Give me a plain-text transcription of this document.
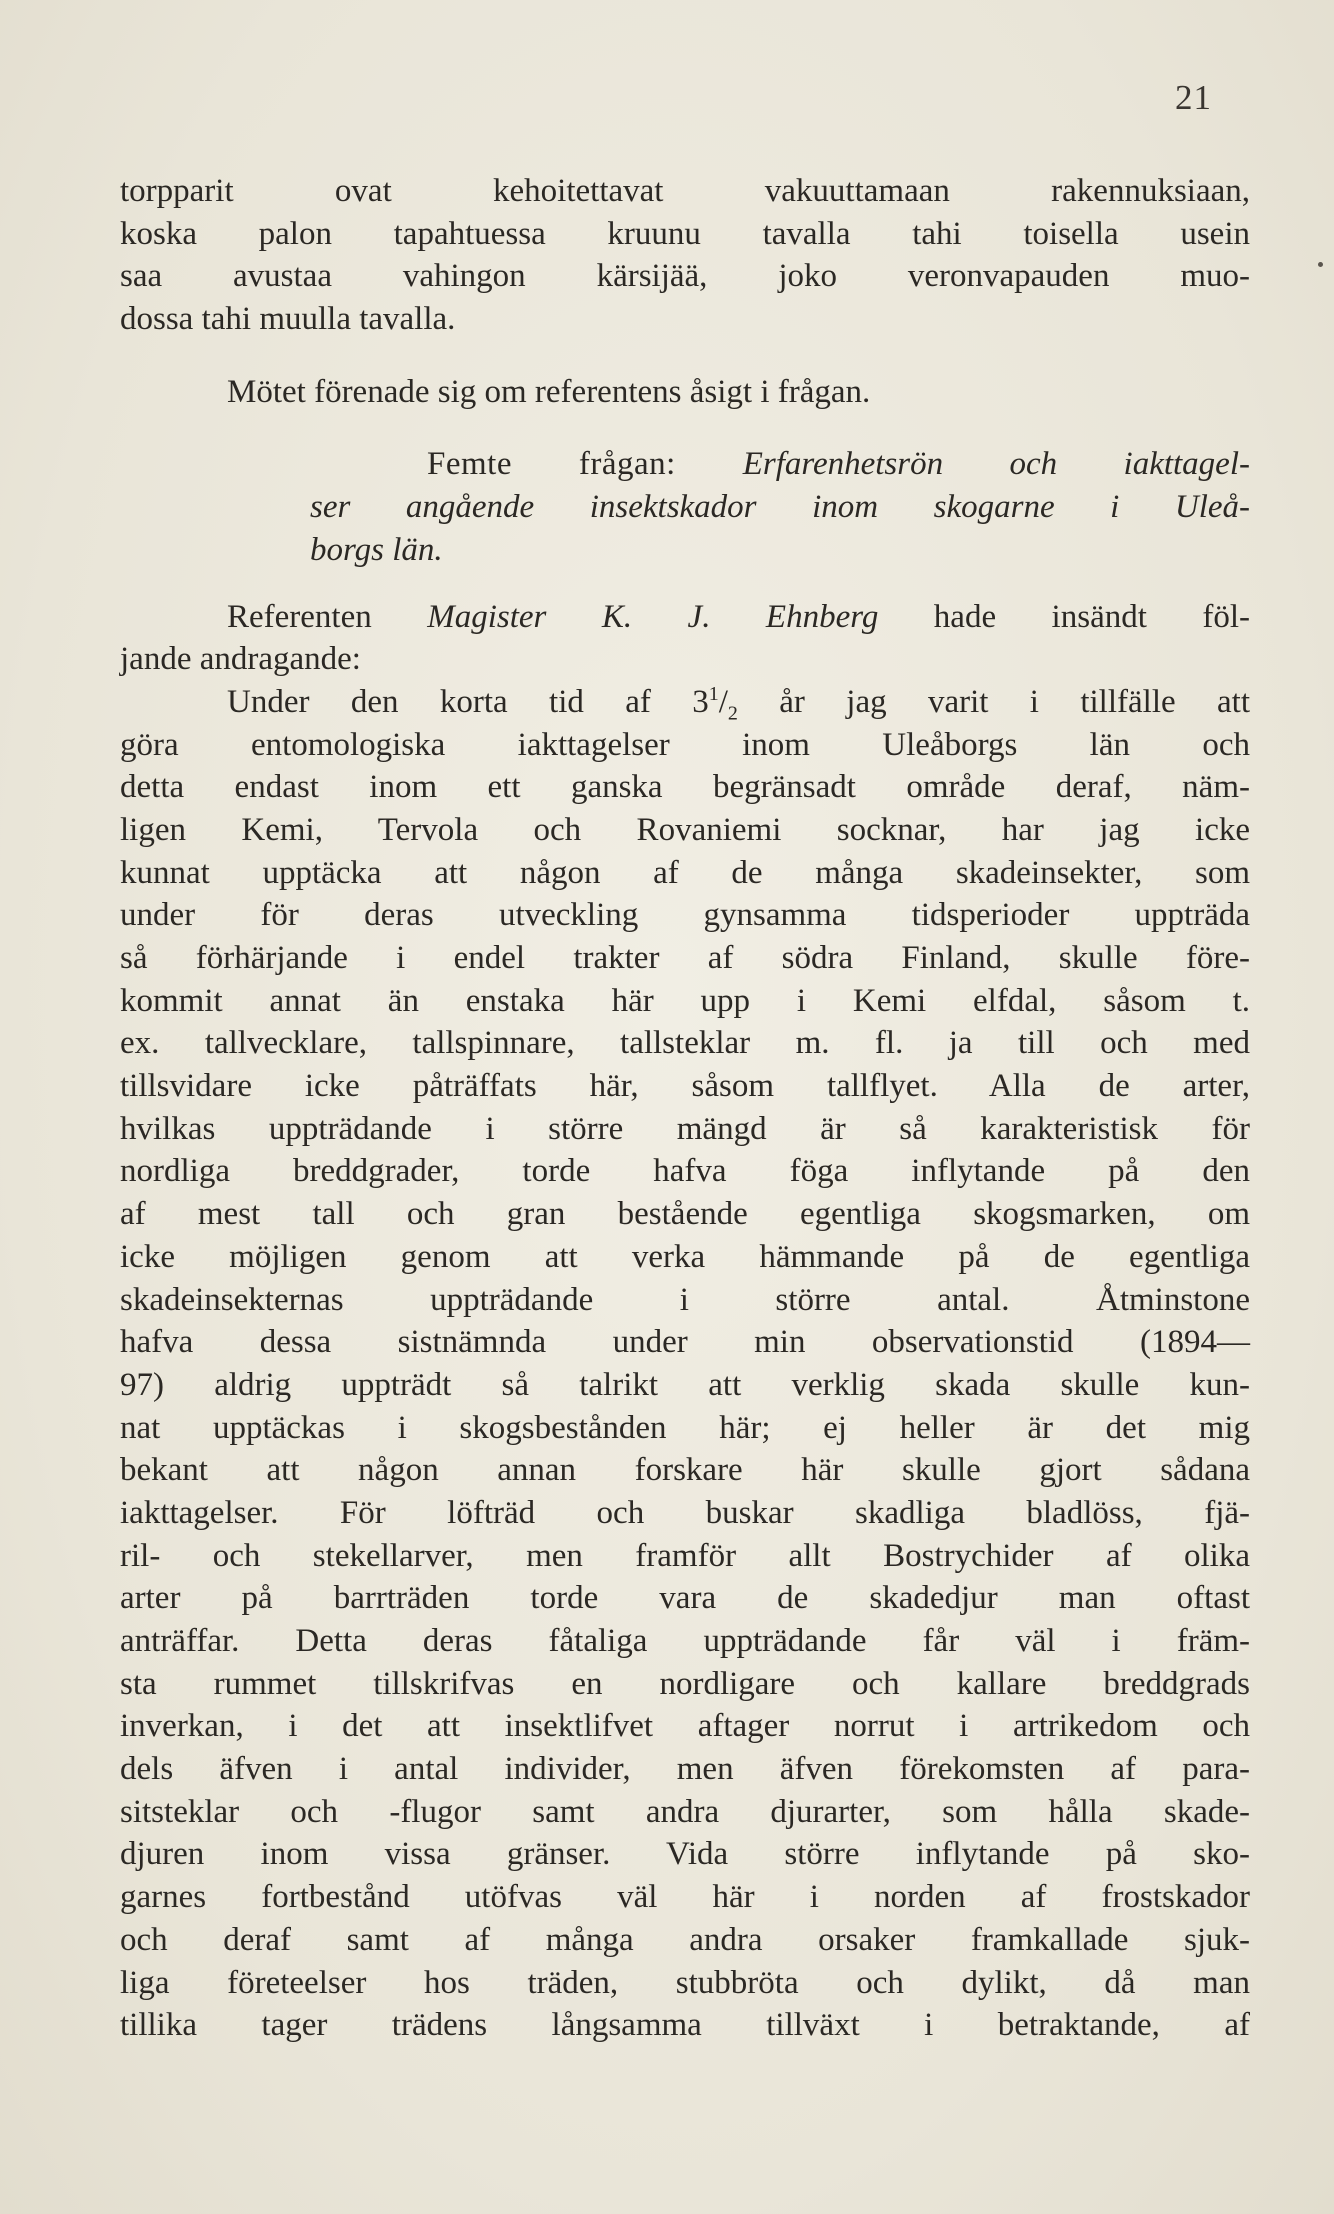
21
torpparit ovat kehoitettavat vakuuttamaan rakennuksiaan,
koska palon tapahtuessa kruunu tavalla tahi toisella usein
saa avustaa vahingon kärsijää, joko veronvapauden muo-
dossa tahi muulla tavalla.
Mötet förenade sig om referentens åsigt i frågan.
Femte frågan: Erfarenhetsrön och iakttagel-
ser angående insektskador inom skogarne i Uleå-
borgs län.
Referenten Magister K. J. Ehnberg hade insändt föl-
jande andragande:
Under den korta tid af $3^1/_2$ år jag varit i tillfälle att
göra entomologiska iakttagelser inom Uleåborgs län och
detta endast inom ett ganska begränsadt område deraf, näm-
ligen Kemi, Tervola och Rovaniemi socknar, har jag icke
kunnat upptäcka att någon af de många skadeinsekter, som
under för deras utveckling gynsamma tidsperioder uppträda
så förhärjande i endel trakter af södra Finland, skulle före-
kommit annat än enstaka här upp i Kemi elfdal, såsom t.
ex. tallvecklare, tallspinnare, tallsteklar m. fl. ja till och med
tillsvidare icke påträffats här, såsom tallflyet. Alla de arter,
hvilkas uppträdande i större mängd är så karakteristisk för
nordliga breddgrader, torde hafva föga inflytande på den
af mest tall och gran bestående egentliga skogsmarken, om
icke möjligen genom att verka hämmande på de egentliga
skadeinsekternas uppträdande i större antal. Åtminstone
hafva dessa sistnämnda under min observationstid (1894—
97) aldrig uppträdt så talrikt att verklig skada skulle kun-
nat upptäckas i skogsbestånden här; ej heller är det mig
bekant att någon annan forskare här skulle gjort sådana
iakttagelser. För löfträd och buskar skadliga bladlöss, fjä-
ril- och stekellarver, men framför allt Bostrychider af olika
arter på barrträden torde vara de skadedjur man oftast
anträffar. Detta deras fåtaliga uppträdande får väl i främ-
sta rummet tillskrifvas en nordligare och kallare breddgrads
inverkan, i det att insektlifvet aftager norrut i artrikedom och
dels äfven i antal individer, men äfven förekomsten af para-
sitsteklar och -flugor samt andra djurarter, som hålla skade-
djuren inom vissa gränser. Vida större inflytande på sko-
garnes fortbestånd utöfvas väl här i norden af frostskador
och deraf samt af många andra orsaker framkallade sjuk-
liga företeelser hos träden, stubbröta och dylikt, då man
tillika tager trädens långsamma tillväxt i betraktande, af
